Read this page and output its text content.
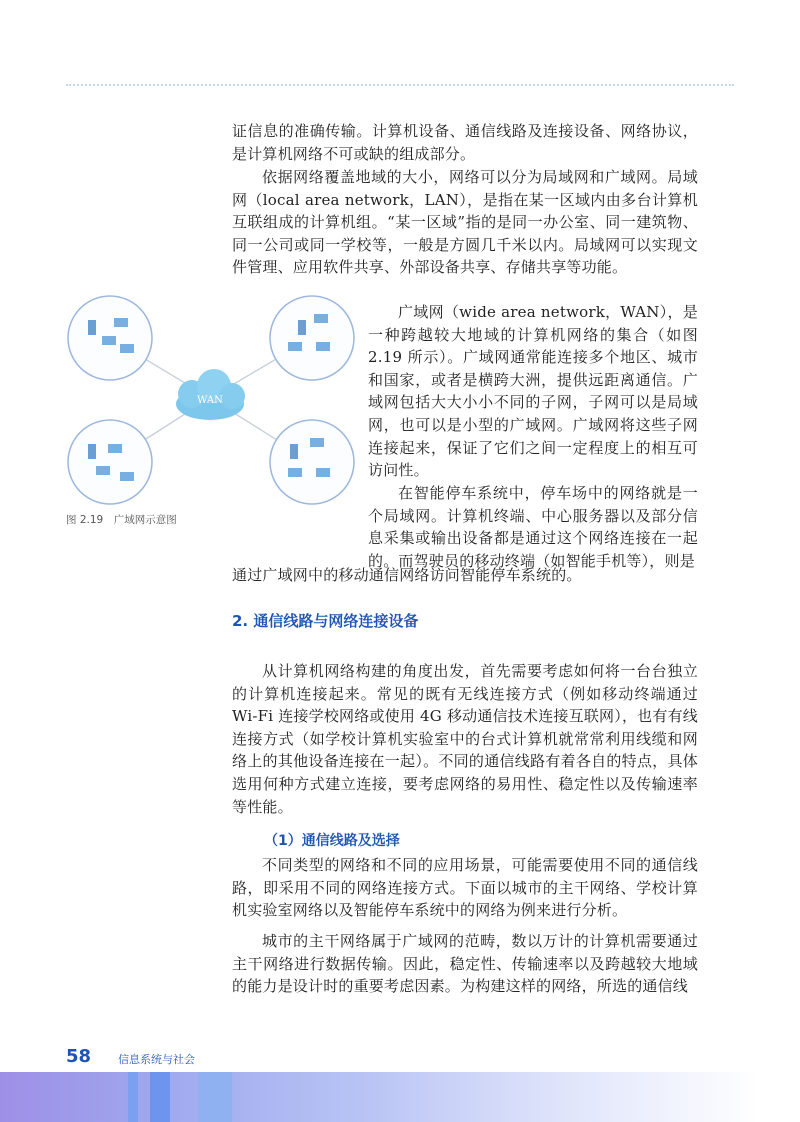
证信息的准确传输。计算机设备、通信线路及连接设备、网络协议，是计算机网络不可或缺的组成部分。

依据网络覆盖地域的大小，网络可以分为局域网和广域网。局域网（local area network，LAN），是指在某一区域内由多台计算机互联组成的计算机组。“某一区域”指的是同一办公室、同一建筑物、同一公司或同一学校等，一般是方圆几千米以内。局域网可以实现文件管理、应用软件共享、外部设备共享、存储共享等功能。

广域网（wide area network，WAN），是一种跨越较大地域的计算机网络的集合（如图 2.19 所示）。广域网通常能连接多个地区、城市和国家，或者是横跨大洲，提供远距离通信。广域网包括大大小小不同的子网，子网可以是局域网，也可以是小型的广域网。广域网将这些子网连接起来，保证了它们之间一定程度上的相互可访问性。

在智能停车系统中，停车场中的网络就是一个局域网。计算机终端、中心服务器以及部分信息采集或输出设备都是通过这个网络连接在一起的。而驾驶员的移动终端（如智能手机等），则是

通过广域网中的移动通信网络访问智能停车系统的。

WAN

图 2.19　广域网示意图

2. 通信线路与网络连接设备

从计算机网络构建的角度出发，首先需要考虑如何将一台台独立的计算机连接起来。常见的既有无线连接方式（例如移动终端通过 Wi-Fi 连接学校网络或使用 4G 移动通信技术连接互联网），也有有线连接方式（如学校计算机实验室中的台式计算机就常常利用线缆和网络上的其他设备连接在一起）。不同的通信线路有着各自的特点，具体选用何种方式建立连接，要考虑网络的易用性、稳定性以及传输速率等性能。

（1）通信线路及选择

不同类型的网络和不同的应用场景，可能需要使用不同的通信线路，即采用不同的网络连接方式。下面以城市的主干网络、学校计算机实验室网络以及智能停车系统中的网络为例来进行分析。

城市的主干网络属于广域网的范畴，数以万计的计算机需要通过主干网络进行数据传输。因此，稳定性、传输速率以及跨越较大地域的能力是设计时的重要考虑因素。为构建这样的网络，所选的通信线

58 信息系统与社会
